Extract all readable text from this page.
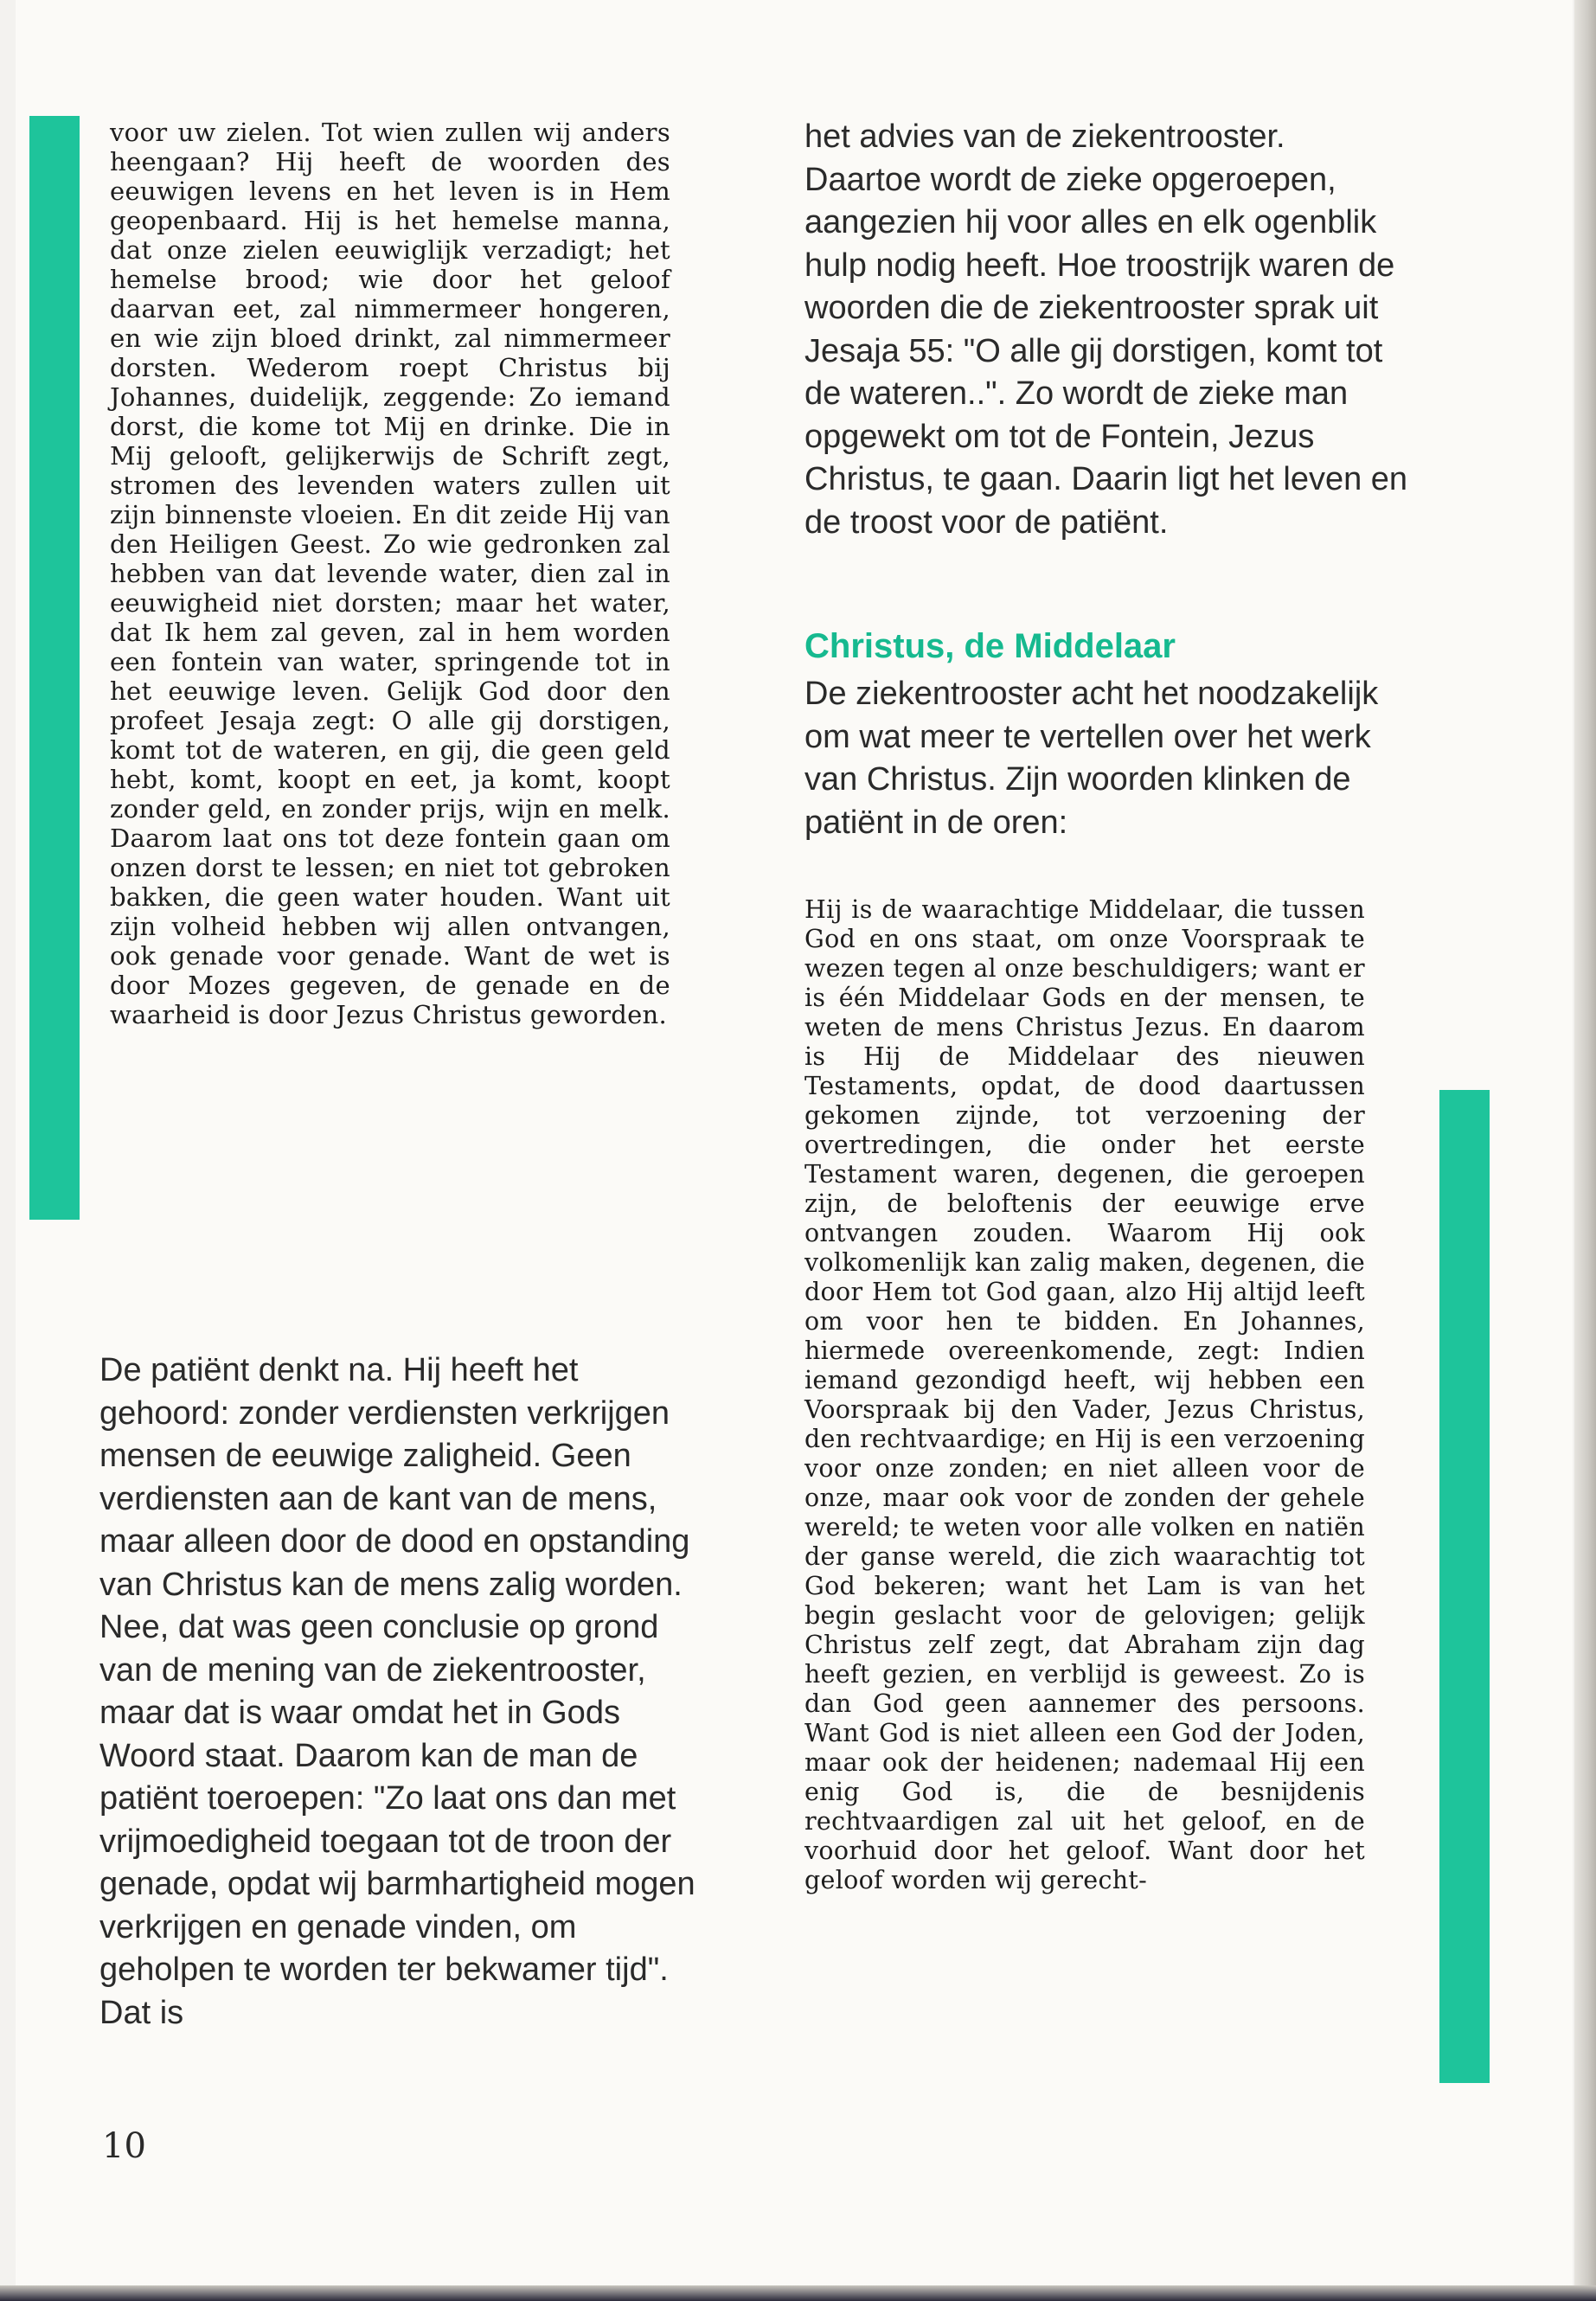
voor uw zielen. Tot wien zullen wij anders heengaan? Hij heeft de woorden des eeuwigen levens en het leven is in Hem geopenbaard. Hij is het hemelse manna, dat onze zielen eeuwiglijk verzadigt; het hemelse brood; wie door het geloof daarvan eet, zal nimmermeer hongeren, en wie zijn bloed drinkt, zal nimmermeer dorsten. Wederom roept Christus bij Johannes, duidelijk, zeggende: Zo iemand dorst, die kome tot Mij en drinke. Die in Mij gelooft, gelijkerwijs de Schrift zegt, stromen des levenden waters zullen uit zijn binnenste vloeien. En dit zeide Hij van den Heiligen Geest. Zo wie gedronken zal hebben van dat levende water, dien zal in eeuwigheid niet dorsten; maar het water, dat Ik hem zal geven, zal in hem worden een fontein van water, springende tot in het eeuwige leven. Gelijk God door den profeet Jesaja zegt: O alle gij dorstigen, komt tot de wateren, en gij, die geen geld hebt, komt, koopt en eet, ja komt, koopt zonder geld, en zonder prijs, wijn en melk. Daarom laat ons tot deze fontein gaan om onzen dorst te lessen; en niet tot gebroken bakken, die geen water houden. Want uit zijn volheid hebben wij allen ontvangen, ook genade voor genade. Want de wet is door Mozes gegeven, de genade en de waarheid is door Jezus Christus geworden.

De patiënt denkt na. Hij heeft het gehoord: zonder verdiensten verkrijgen mensen de eeuwige zaligheid. Geen verdiensten aan de kant van de mens, maar alleen door de dood en opstanding van Christus kan de mens zalig worden. Nee, dat was geen conclusie op grond van de mening van de ziekentrooster, maar dat is waar omdat het in Gods Woord staat. Daarom kan de man de patiënt toeroepen: "Zo laat ons dan met vrijmoedigheid toegaan tot de troon der genade, opdat wij barmhartigheid mogen verkrijgen en genade vinden, om geholpen te worden ter bekwamer tijd". Dat is

het advies van de ziekentrooster. Daartoe wordt de zieke opgeroepen, aangezien hij voor alles en elk ogenblik hulp nodig heeft. Hoe troostrijk waren de woorden die de ziekentrooster sprak uit Jesaja 55: "O alle gij dorstigen, komt tot de wateren..". Zo wordt de zieke man opgewekt om tot de Fontein, Jezus Christus, te gaan. Daarin ligt het leven en de troost voor de patiënt.

Christus, de Middelaar

De ziekentrooster acht het noodzakelijk om wat meer te vertellen over het werk van Christus. Zijn woorden klinken de patiënt in de oren:

Hij is de waarachtige Middelaar, die tussen God en ons staat, om onze Voorspraak te wezen tegen al onze beschuldigers; want er is één Middelaar Gods en der mensen, te weten de mens Christus Jezus. En daarom is Hij de Middelaar des nieuwen Testaments, opdat, de dood daartussen gekomen zijnde, tot verzoening der overtredingen, die onder het eerste Testament waren, degenen, die geroepen zijn, de beloftenis der eeuwige erve ontvangen zouden. Waarom Hij ook volkomenlijk kan zalig maken, degenen, die door Hem tot God gaan, alzo Hij altijd leeft om voor hen te bidden. En Johannes, hiermede overeenkomende, zegt: Indien iemand gezondigd heeft, wij hebben een Voorspraak bij den Vader, Jezus Christus, den rechtvaardige; en Hij is een verzoening voor onze zonden; en niet alleen voor de onze, maar ook voor de zonden der gehele wereld; te weten voor alle volken en natiën der ganse wereld, die zich waarachtig tot God bekeren; want het Lam is van het begin geslacht voor de gelovigen; gelijk Christus zelf zegt, dat Abraham zijn dag heeft gezien, en verblijd is geweest. Zo is dan God geen aannemer des persoons. Want God is niet alleen een God der Joden, maar ook der heidenen; nademaal Hij een enig God is, die de besnijdenis rechtvaardigen zal uit het geloof, en de voorhuid door het geloof. Want door het geloof worden wij gerecht-

10
